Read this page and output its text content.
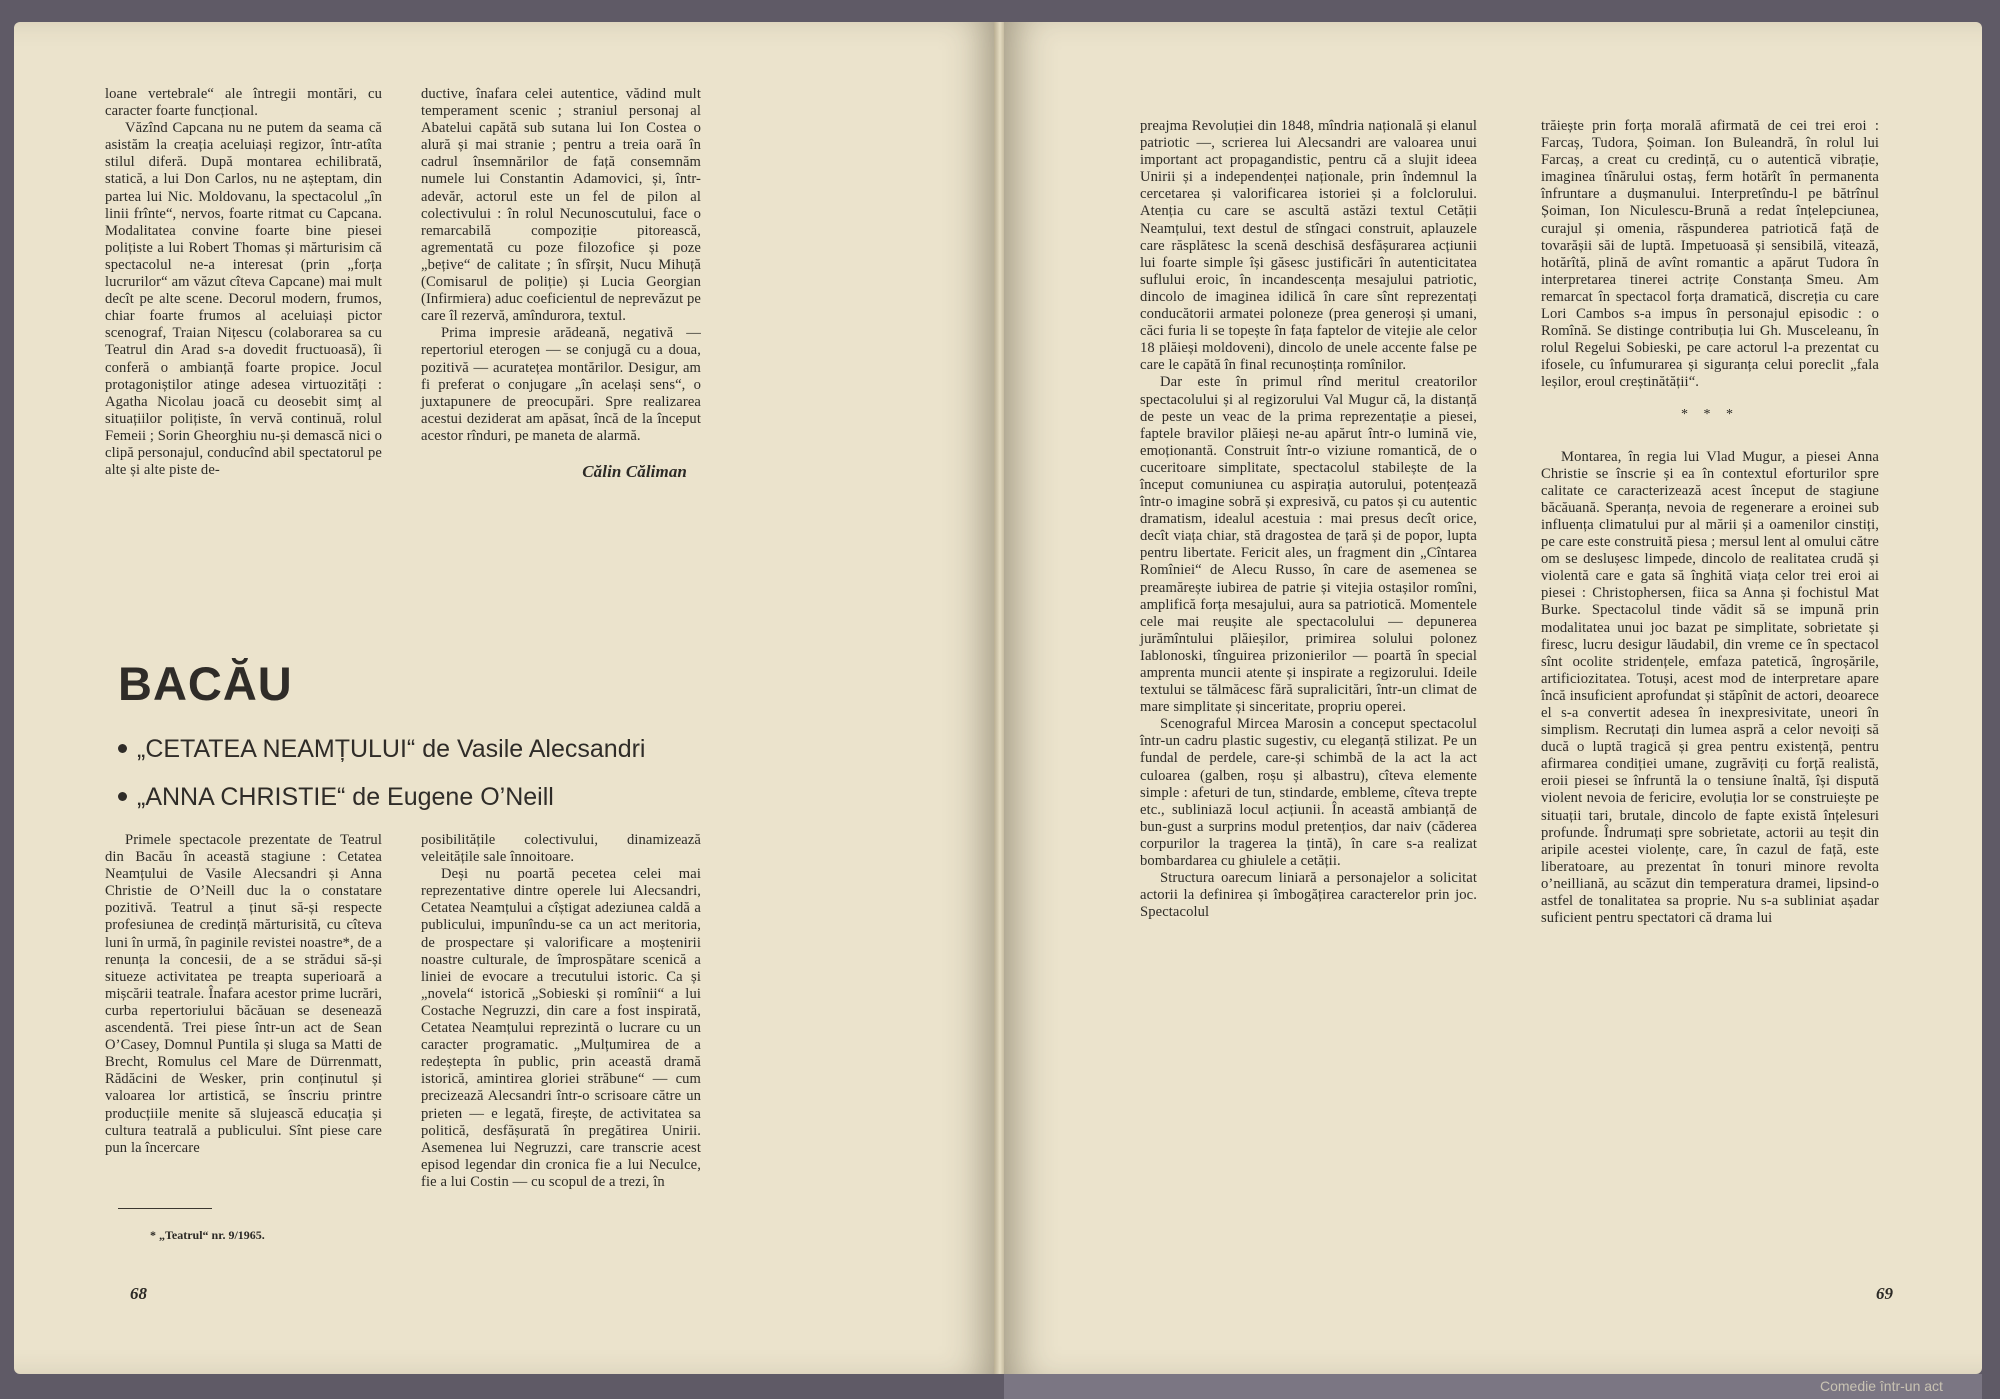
loane vertebrale“ ale întregii montări, cu caracter foarte funcțional.

Văzînd Capcana nu ne putem da seama că asistăm la creația aceluiași regizor, într-atîta stilul diferă. După montarea echilibrată, statică, a lui Don Carlos, nu ne așteptam, din partea lui Nic. Moldovanu, la spectacolul „în linii frînte“, nervos, foarte ritmat cu Capcana. Modalitatea convine foarte bine piesei polițiste a lui Robert Thomas și mărturisim că spectacolul ne-a interesat (prin „forța lucrurilor“ am văzut cîteva Capcane) mai mult decît pe alte scene. Decorul modern, frumos, chiar foarte frumos al aceluiași pictor scenograf, Traian Nițescu (colaborarea sa cu Teatrul din Arad s-a dovedit fructuoasă), îi conferă o ambianță foarte propice. Jocul protagoniștilor atinge adesea virtuozități : Agatha Nicolau joacă cu deosebit simț al situațiilor polițiste, în vervă continuă, rolul Femeii ; Sorin Gheorghiu nu-și demască nici o clipă personajul, conducînd abil spectatorul pe alte și alte piste de-

ductive, înafara celei autentice, vădind mult temperament scenic ; straniul personaj al Abatelui capătă sub sutana lui Ion Costea o alură și mai stranie ; pentru a treia oară în cadrul însemnărilor de față consemnăm numele lui Constantin Adamovici, și, într-adevăr, actorul este un fel de pilon al colectivului : în rolul Necunoscutului, face o remarcabilă compoziție pitorească, agrementată cu poze filozofice și poze „bețive“ de calitate ; în sfîrșit, Nucu Mihuță (Comisarul de poliție) și Lucia Georgian (Infirmiera) aduc coeficientul de neprevăzut pe care îl rezervă, amîndurora, textul.

Prima impresie arădeană, negativă — repertoriul eterogen — se conjugă cu a doua, pozitivă — acuratețea montărilor. Desigur, am fi preferat o conjugare „în același sens“, o juxtapunere de preocupări. Spre realizarea acestui deziderat am apăsat, încă de la început acestor rînduri, pe maneta de alarmă.

Călin Căliman
BACĂU
„CETATEA NEAMȚULUI“ de Vasile Alecsandri
„ANNA CHRISTIE“ de Eugene O’Neill

Primele spectacole prezentate de Teatrul din Bacău în această stagiune : Cetatea Neamțului de Vasile Alecsandri și Anna Christie de O’Neill duc la o constatare pozitivă. Teatrul a ținut să-și respecte profesiunea de credință mărturisită, cu cîteva luni în urmă, în paginile revistei noastre*, de a renunța la concesii, de a se strădui să-și situeze activitatea pe treapta superioară a mișcării teatrale. Înafara acestor prime lucrări, curba repertoriului băcăuan se desenează ascendentă. Trei piese într-un act de Sean O’Casey, Domnul Puntila și sluga sa Matti de Brecht, Romulus cel Mare de Dürrenmatt, Rădăcini de Wesker, prin conținutul și valoarea lor artistică, se înscriu printre producțiile menite să slujească educația și cultura teatrală a publicului. Sînt piese care pun la încercare

posibilitățile colectivului, dinamizează veleitățile sale înnoitoare.

Deși nu poartă pecetea celei mai reprezentative dintre operele lui Alecsandri, Cetatea Neamțului a cîștigat adeziunea caldă a publicului, impunîndu-se ca un act meritoria, de prospectare și valorificare a moștenirii noastre culturale, de împrospătare scenică a liniei de evocare a trecutului istoric. Ca și „novela“ istorică „Sobieski și romînii“ a lui Costache Negruzzi, din care a fost inspirată, Cetatea Neamțului reprezintă o lucrare cu un caracter programatic. „Mulțumirea de a redeștepta în public, prin această dramă istorică, amintirea gloriei străbune“ — cum precizează Alecsandri într-o scrisoare către un prieten — e legată, firește, de activitatea sa politică, desfășurată în pregătirea Unirii. Asemenea lui Negruzzi, care transcrie acest episod legendar din cronica fie a lui Neculce, fie a lui Costin — cu scopul de a trezi, în

* „Teatrul“ nr. 9/1965.
68

preajma Revoluției din 1848, mîndria națională și elanul patriotic —, scrierea lui Alecsandri are valoarea unui important act propagandistic, pentru că a slujit ideea Unirii și a independenței naționale, prin îndemnul la cercetarea și valorificarea istoriei și a folclorului. Atenția cu care se ascultă astăzi textul Cetății Neamțului, text destul de stîngaci construit, aplauzele care răsplătesc la scenă deschisă desfășurarea acțiunii lui foarte simple își găsesc justificări în autenticitatea suflului eroic, în incandescența mesajului patriotic, dincolo de imaginea idilică în care sînt reprezentați conducătorii armatei poloneze (prea generoși și umani, căci furia li se topește în fața faptelor de vitejie ale celor 18 plăieși moldoveni), dincolo de unele accente false pe care le capătă în final recunoștința romînilor.

Dar este în primul rînd meritul creatorilor spectacolului și al regizorului Val Mugur că, la distanță de peste un veac de la prima reprezentație a piesei, faptele bravilor plăieși ne-au apărut într-o lumină vie, emoționantă. Construit într-o viziune romantică, de o cuceritoare simplitate, spectacolul stabilește de la început comuniunea cu aspirația autorului, potențează într-o imagine sobră și expresivă, cu patos și cu autentic dramatism, idealul acestuia : mai presus decît orice, decît viața chiar, stă dragostea de țară și de popor, lupta pentru libertate. Fericit ales, un fragment din „Cîntarea Romîniei“ de Alecu Russo, în care de asemenea se preamărește iubirea de patrie și vitejia ostașilor romîni, amplifică forța mesajului, aura sa patriotică. Momentele cele mai reușite ale spectacolului — depunerea jurămîntului plăieșilor, primirea solului polonez Iablonoski, tînguirea prizonierilor — poartă în special amprenta muncii atente și inspirate a regizorului. Ideile textului se tălmăcesc fără supralicitări, într-un climat de mare simplitate și sinceritate, propriu operei.

Scenograful Mircea Marosin a conceput spectacolul într-un cadru plastic sugestiv, cu eleganță stilizat. Pe un fundal de perdele, care-și schimbă de la act la act culoarea (galben, roșu și albastru), cîteva elemente simple : afeturi de tun, stindarde, embleme, cîteva trepte etc., subliniază locul acțiunii. În această ambianță de bun-gust a surprins modul pretențios, dar naiv (căderea corpurilor la tragerea la țintă), în care s-a realizat bombardarea cu ghiulele a cetății.

Structura oarecum liniară a personajelor a solicitat actorii la definirea și îmbogățirea caracterelor prin joc. Spectacolul

trăiește prin forța morală afirmată de cei trei eroi : Farcaș, Tudora, Șoiman. Ion Buleandră, în rolul lui Farcaș, a creat cu credință, cu o autentică vibrație, imaginea tînărului ostaș, ferm hotărît în permanenta înfruntare a dușmanului. Interpretîndu-l pe bătrînul Șoiman, Ion Niculescu-Brună a redat înțelepciunea, curajul și omenia, răspunderea patriotică față de tovarășii săi de luptă. Impetuoasă și sensibilă, vitează, hotărîtă, plină de avînt romantic a apărut Tudora în interpretarea tinerei actrițe Constanța Smeu. Am remarcat în spectacol forța dramatică, discreția cu care Lori Cambos s-a impus în personajul episodic : o Romînă. Se distinge contribuția lui Gh. Musceleanu, în rolul Regelui Sobieski, pe care actorul l-a prezentat cu ifosele, cu înfumurarea și siguranța celui poreclit „fala leșilor, eroul creștinătății“.

* * *

Montarea, în regia lui Vlad Mugur, a piesei Anna Christie se înscrie și ea în contextul eforturilor spre calitate ce caracterizează acest început de stagiune băcăuană. Speranța, nevoia de regenerare a eroinei sub influența climatului pur al mării și a oamenilor cinstiți, pe care este construită piesa ; mersul lent al omului către om se deslușesc limpede, dincolo de realitatea crudă și violentă care e gata să înghită viața celor trei eroi ai piesei : Christophersen, fiica sa Anna și fochistul Mat Burke. Spectacolul tinde vădit să se impună prin modalitatea unui joc bazat pe simplitate, sobrietate și firesc, lucru desigur lăudabil, din vreme ce în spectacol sînt ocolite stridențele, emfaza patetică, îngroșările, artificiozitatea. Totuși, acest mod de interpretare apare încă insuficient aprofundat și stăpînit de actori, deoarece el s-a convertit adesea în inexpresivitate, uneori în simplism. Recrutați din lumea aspră a celor nevoiți să ducă o luptă tragică și grea pentru existență, pentru afirmarea condiției umane, zugrăviți cu forță realistă, eroii piesei se înfruntă la o tensiune înaltă, își dispută violent nevoia de fericire, evoluția lor se construiește pe situații tari, brutale, dincolo de fapte există înțelesuri profunde. Îndrumați spre sobrietate, actorii au teșit din aripile acestei violențe, care, în cazul de față, este liberatoare, au prezentat în tonuri minore revolta o’neilliană, au scăzut din temperatura dramei, lipsind-o astfel de tonalitatea sa proprie. Nu s-a subliniat așadar suficient pentru spectatori că drama lui

69
Comedie într-un act
